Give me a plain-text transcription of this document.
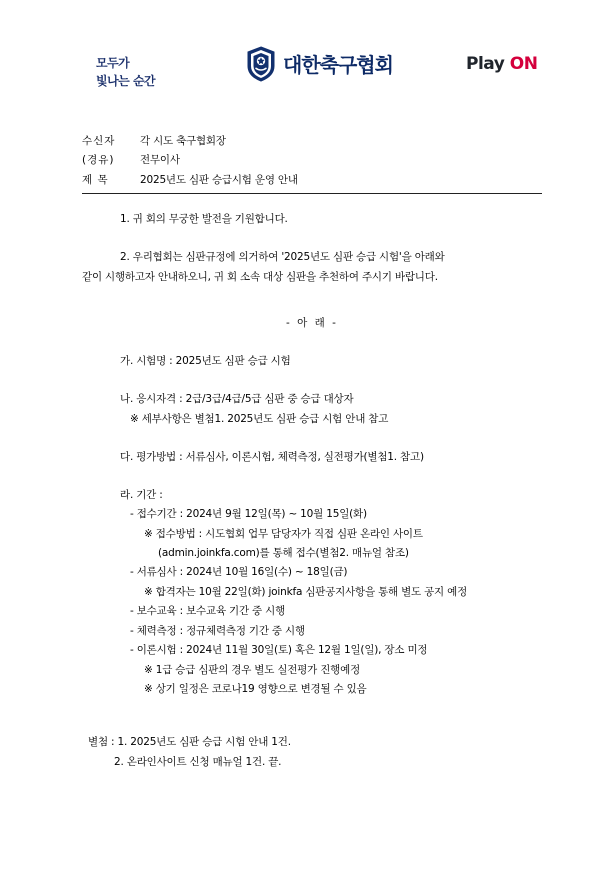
모두가
빛나는 순간
대한축구협회	Play ON
수신자	각 시도 축구협회장
(경유)	전무이사
제 목	2025년도 심판 승급시험 운영 안내
1. 귀 회의 무궁한 발전을 기원합니다.
2. 우리협회는 심판규정에 의거하여 '2025년도 심판 승급 시험'을 아래와
같이 시행하고자 안내하오니, 귀 회 소속 대상 심판을 추천하여 주시기 바랍니다.
- 아 래 -
가. 시험명 : 2025년도 심판 승급 시험
나. 응시자격 : 2급/3급/4급/5급 심판 중 승급 대상자
※ 세부사항은 별첨1. 2025년도 심판 승급 시험 안내 참고
다. 평가방법 : 서류심사, 이론시험, 체력측정, 실전평가(별첨1. 참고)
라. 기간 :
- 접수기간 : 2024년 9월 12일(목) ~ 10월 15일(화)
※ 접수방법 : 시도협회 업무 담당자가 직접 심판 온라인 사이트
(admin.joinkfa.com)를 통해 접수(별첨2. 매뉴얼 참조)
- 서류심사 : 2024년 10월 16일(수) ~ 18일(금)
※ 합격자는 10월 22일(화) joinkfa 심판공지사항을 통해 별도 공지 예정
- 보수교육 : 보수교육 기간 중 시행
- 체력측정 : 정규체력측정 기간 중 시행
- 이론시험 : 2024년 11월 30일(토) 혹은 12월 1일(일), 장소 미정
※ 1급 승급 심판의 경우 별도 실전평가 진행예정
※ 상기 일정은 코로나19 영향으로 변경될 수 있음
별첨 : 1. 2025년도 심판 승급 시험 안내 1건.
2. 온라인사이트 신청 매뉴얼 1건. 끝.
